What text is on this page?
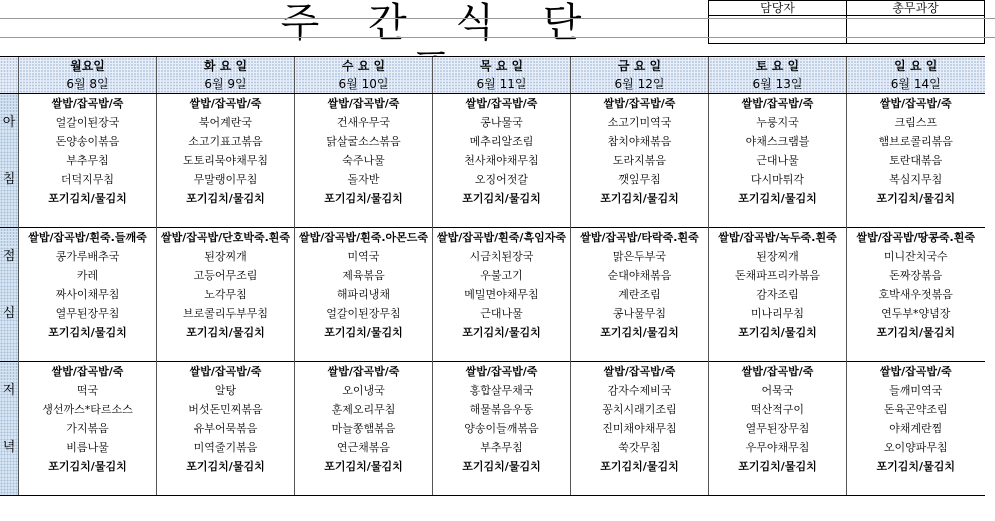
주 간 식 단	담당자	총무과장

	월요일	화 요 일	수 요 일	목 요 일	금 요 일	토 요 일	일 요 일
	6월 8일	6월 9일	6월 10일	6월 11일	6월 12일	6월 13일	6월 14일
	쌀밥/잡곡밥/죽	쌀밥/잡곡밥/죽	쌀밥/잡곡밥/죽	쌀밥/잡곡밥/죽	쌀밥/잡곡밥/죽	쌀밥/잡곡밥/죽	쌀밥/잡곡밥/죽
아	얼갈이된장국	북어계란국	건새우무국	콩나물국	소고기미역국	누룽지국	크림스프
	돈양송이볶음	소고기표고볶음	닭살굴소스볶음	메추리알조림	참치야채볶음	야채스크램블	햄브로콜리볶음
	부추무침	도토리묵야채무침	숙주나물	천사채야채무침	도라지볶음	근대나물	토란대볶음
침	더덕지무침	무말랭이무침	돌자반	오징어젓갈	깻잎무침	다시마튀각	복심지무침
	포기김치/물김치	포기김치/물김치	포기김치/물김치	포기김치/물김치	포기김치/물김치	포기김치/물김치	포기김치/물김치

	쌀밥/잡곡밥/흰죽.들깨죽	쌀밥/잡곡밥/단호박죽.흰죽	쌀밥/잡곡밥/흰죽.아몬드죽	쌀밥/잡곡밥/흰죽/흑임자죽	쌀밥/잡곡밥/타락죽.흰죽	쌀밥/잡곡밥/녹두죽.흰죽	쌀밥/잡곡밥/땅콩죽.흰죽
점	콩가루배추국	된장찌개	미역국	시금치된장국	맑은두부국	된장찌개	미니잔치국수
	카레	고등어무조림	제육볶음	우불고기	순대야채볶음	돈채파프리카볶음	돈짜장볶음
	짜사이채무침	노각무침	해파리냉채	메밀면야채무침	계란조림	감자조림	호박새우젓볶음
심	열무된장무침	브로콜리두부무침	얼갈이된장무침	근대나물	콩나물무침	미나리무침	연두부*양념장
	포기김치/물김치	포기김치/물김치	포기김치/물김치	포기김치/물김치	포기김치/물김치	포기김치/물김치	포기김치/물김치

	쌀밥/잡곡밥/죽	쌀밥/잡곡밥/죽	쌀밥/잡곡밥/죽	쌀밥/잡곡밥/죽	쌀밥/잡곡밥/죽	쌀밥/잡곡밥/죽	쌀밥/잡곡밥/죽
저	떡국	알탕	오이냉국	홍합살무채국	감자수제비국	어묵국	들깨미역국
	생선까스*타르소스	버섯돈민찌볶음	훈제오리무침	해물볶음우동	꽁치시래기조림	떡산적구이	돈육곤약조림
	가지볶음	유부어묵볶음	마늘쫑햄볶음	양송이들깨볶음	진미채야채무침	열무된장무침	야채계란찜
녁	비름나물	미역줄기볶음	연근채볶음	부추무침	쑥갓무침	우무야채무침	오이양파무침
	포기김치/물김치	포기김치/물김치	포기김치/물김치	포기김치/물김치	포기김치/물김치	포기김치/물김치	포기김치/물김치
